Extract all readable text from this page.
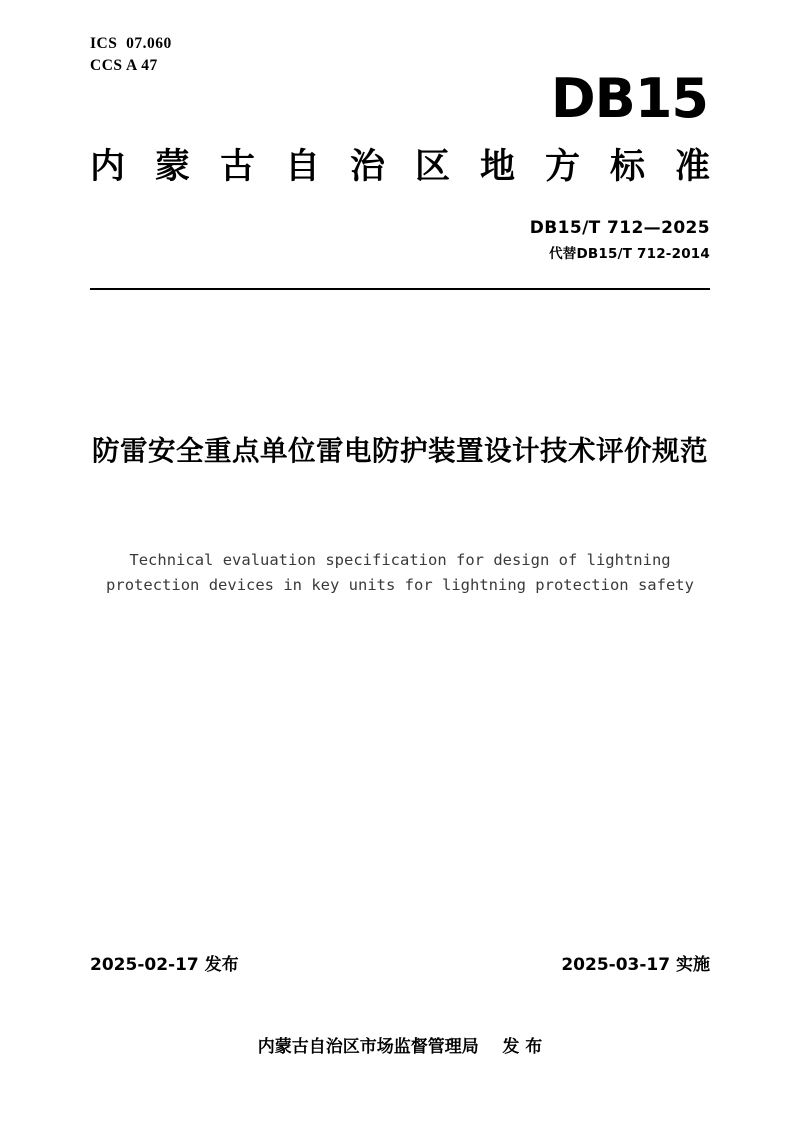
ICS  07.060
CCS A 47
DB15
内蒙古自治区地方标准
DB15/T 712—2025
代替DB15/T 712-2014
防雷安全重点单位雷电防护装置设计技术评价规范
Technical evaluation specification for design of lightning
protection devices in key units for lightning protection safety
2025-02-17 发布	2025-03-17 实施
内蒙古自治区市场监督管理局    发 布
